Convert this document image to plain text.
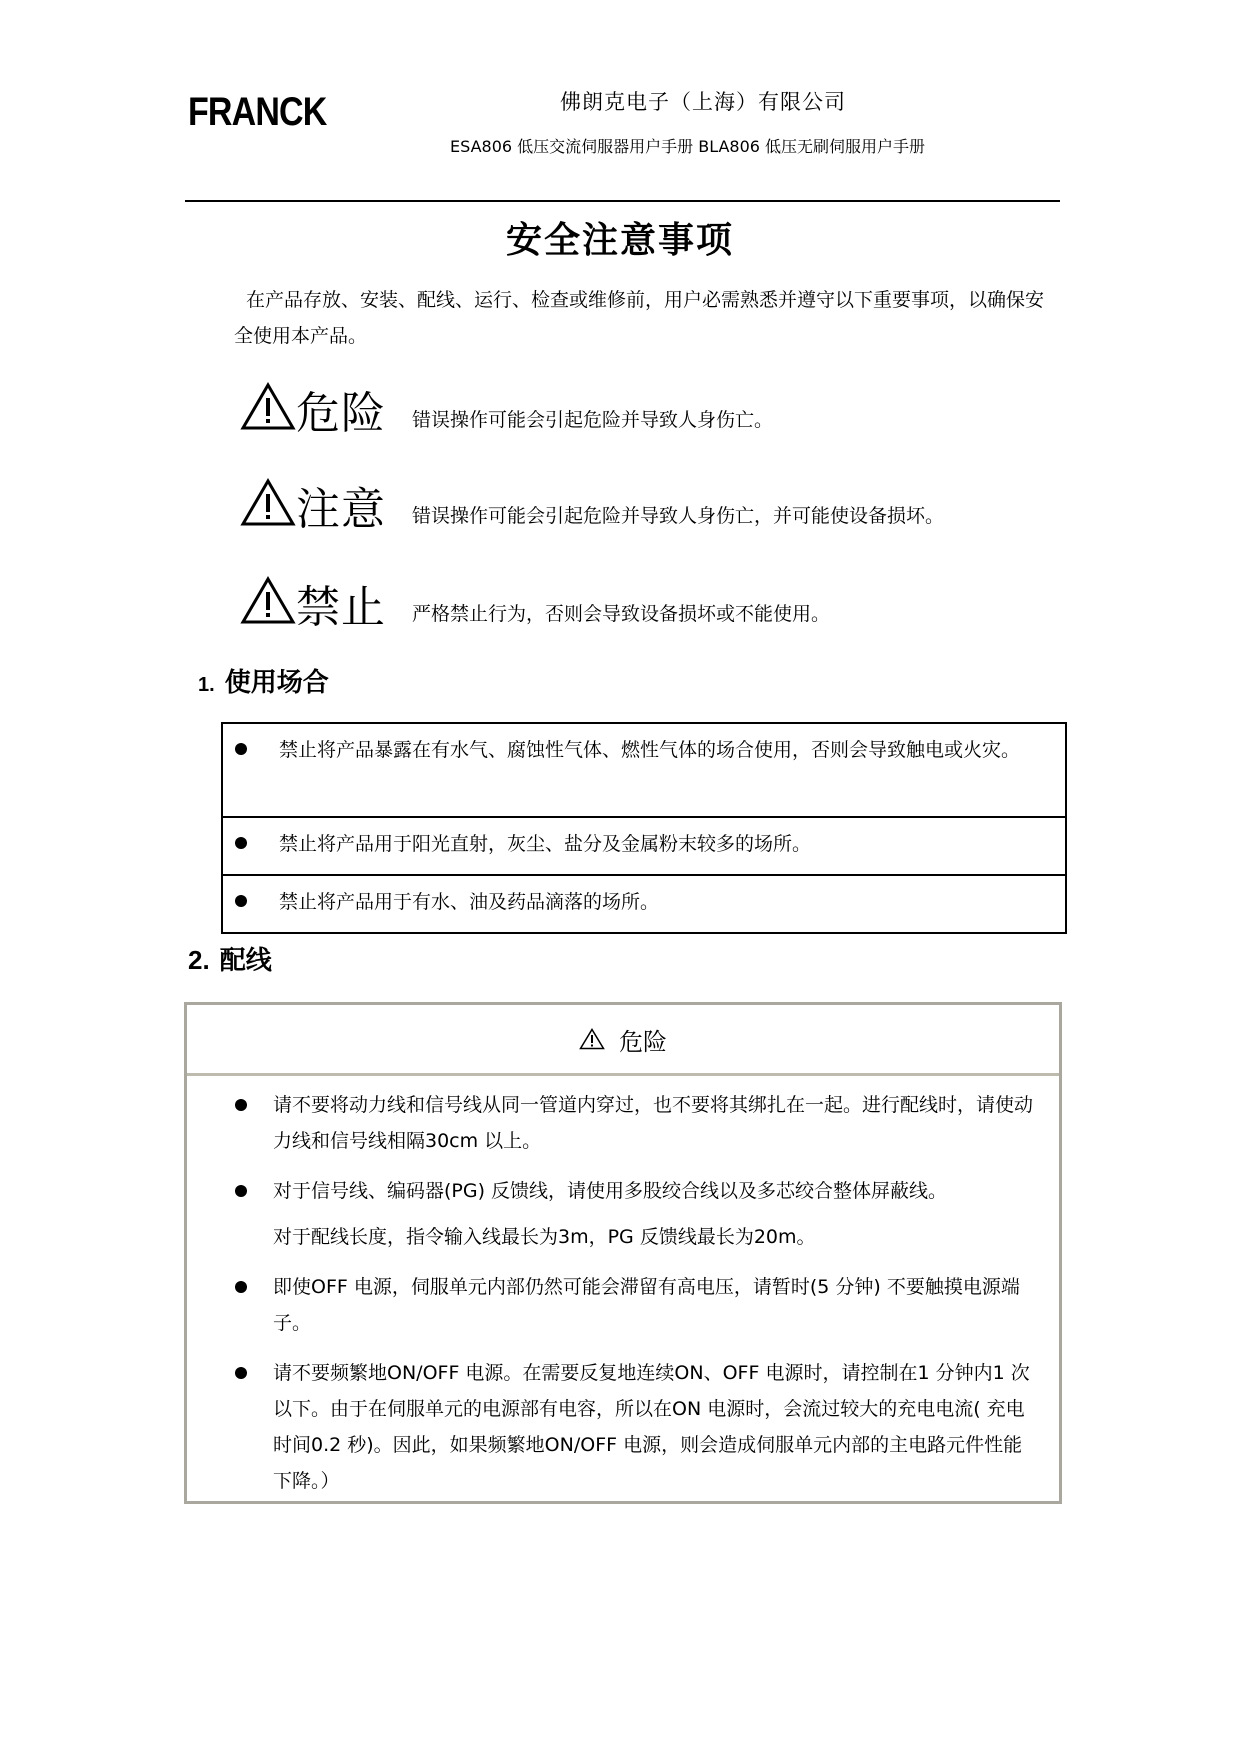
FRANCK	佛朗克电子（上海）有限公司
ESA806 低压交流伺服器用户手册 BLA806 低压无刷伺服用户手册
安全注意事项
在产品存放、安装、配线、运行、检查或维修前，用户必需熟悉并遵守以下重要事项，以确保安全使用本产品。
危险 错误操作可能会引起危险并导致人身伤亡。
注意 错误操作可能会引起危险并导致人身伤亡，并可能使设备损坏。
禁止 严格禁止行为，否则会导致设备损坏或不能使用。
1. 使用场合
禁止将产品暴露在有水气、腐蚀性气体、燃性气体的场合使用，否则会导致触电或火灾。
禁止将产品用于阳光直射，灰尘、盐分及金属粉末较多的场所。
禁止将产品用于有水、油及药品滴落的场所。
2. 配线
危险
请不要将动力线和信号线从同一管道内穿过，也不要将其绑扎在一起。进行配线时，请使动力线和信号线相隔30cm 以上。
对于信号线、编码器(PG) 反馈线，请使用多股绞合线以及多芯绞合整体屏蔽线。
对于配线长度，指令输入线最长为3m，PG 反馈线最长为20m。
即使OFF 电源，伺服单元内部仍然可能会滞留有高电压，请暂时(5 分钟) 不要触摸电源端子。
请不要频繁地ON/OFF 电源。在需要反复地连续ON、OFF 电源时，请控制在1 分钟内1 次以下。由于在伺服单元的电源部有电容，所以在ON 电源时，会流过较大的充电电流( 充电时间0.2 秒)。因此，如果频繁地ON/OFF 电源，则会造成伺服单元内部的主电路元件性能下降。）
